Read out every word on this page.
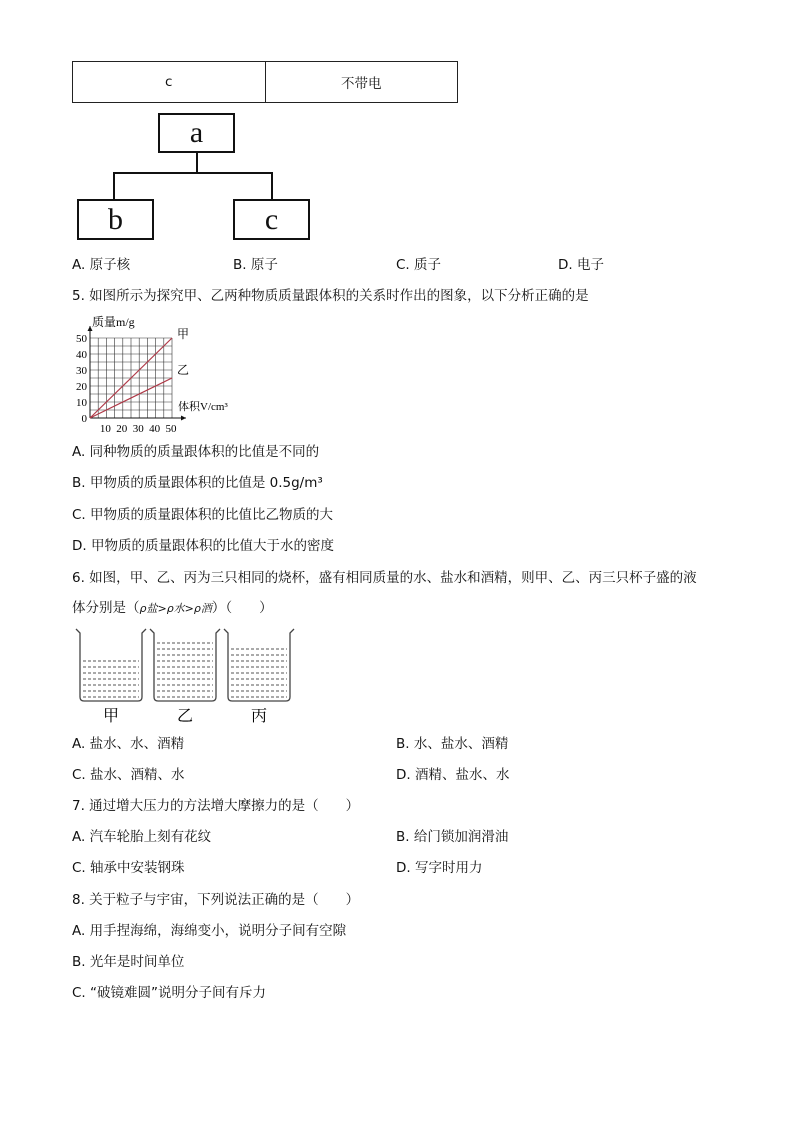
c	不带电
a
b	c
A. 原子核	B. 原子	C. 质子	D. 电子
5. 如图所示为探究甲、乙两种物质质量跟体积的关系时作出的图象，以下分析正确的是
甲
乙
0
10
20
30
40
50
10 20 30 40 50
质量m/g
体积V/cm³
A. 同种物质的质量跟体积的比值是不同的
B. 甲物质的质量跟体积的比值是 0.5g/m³
C. 甲物质的质量跟体积的比值比乙物质的大
D. 甲物质的质量跟体积的比值大于水的密度
6. 如图，甲、乙、丙为三只相同的烧杯，盛有相同质量的水、盐水和酒精，则甲、乙、丙三只杯子盛的液
体分别是（ρ盐>ρ水>ρ酒）（　　）
甲	乙	丙
A. 盐水、水、酒精	B. 水、盐水、酒精
C. 盐水、酒精、水	D. 酒精、盐水、水
7. 通过增大压力的方法增大摩擦力的是（　　）
A. 汽车轮胎上刻有花纹	B. 给门锁加润滑油
C. 轴承中安装钢珠	D. 写字时用力
8. 关于粒子与宇宙，下列说法正确的是（　　）
A. 用手捏海绵，海绵变小，说明分子间有空隙
B. 光年是时间单位
C. “破镜难圆”说明分子间有斥力
